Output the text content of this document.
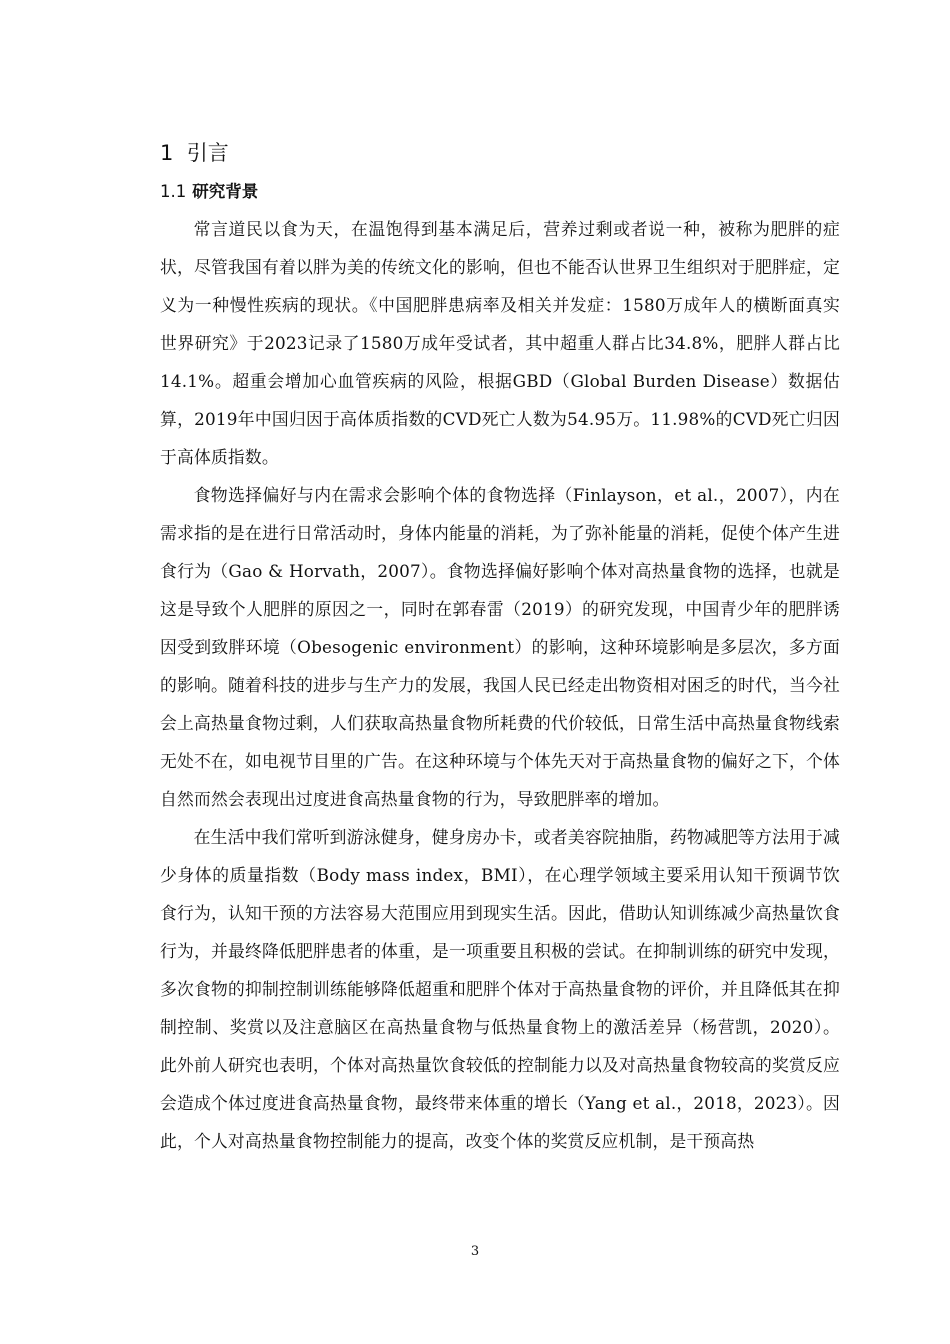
1 引言
1.1 研究背景

常言道民以食为天，在温饱得到基本满足后，营养过剩或者说一种，被称为肥胖的症状，尽管我国有着以胖为美的传统文化的影响，但也不能否认世界卫生组织对于肥胖症，定义为一种慢性疾病的现状。《中国肥胖患病率及相关并发症：1580万成年人的横断面真实世界研究》于2023记录了1580万成年受试者，其中超重人群占比34.8%，肥胖人群占比14.1%。超重会增加心血管疾病的风险，根据GBD（Global Burden Disease）数据估算，2019年中国归因于高体质指数的CVD死亡人数为54.95万。11.98%的CVD死亡归因于高体质指数。

食物选择偏好与内在需求会影响个体的食物选择（Finlayson，et al.，2007），内在需求指的是在进行日常活动时，身体内能量的消耗，为了弥补能量的消耗，促使个体产生进食行为（Gao & Horvath，2007）。食物选择偏好影响个体对高热量食物的选择，也就是这是导致个人肥胖的原因之一，同时在郭春雷（2019）的研究发现，中国青少年的肥胖诱因受到致胖环境（Obesogenic environment）的影响，这种环境影响是多层次，多方面的影响。随着科技的进步与生产力的发展，我国人民已经走出物资相对困乏的时代，当今社会上高热量食物过剩，人们获取高热量食物所耗费的代价较低，日常生活中高热量食物线索无处不在，如电视节目里的广告。在这种环境与个体先天对于高热量食物的偏好之下，个体自然而然会表现出过度进食高热量食物的行为，导致肥胖率的增加。

在生活中我们常听到游泳健身，健身房办卡，或者美容院抽脂，药物减肥等方法用于减少身体的质量指数（Body mass index，BMI），在心理学领域主要采用认知干预调节饮食行为，认知干预的方法容易大范围应用到现实生活。因此，借助认知训练减少高热量饮食行为，并最终降低肥胖患者的体重，是一项重要且积极的尝试。在抑制训练的研究中发现，多次食物的抑制控制训练能够降低超重和肥胖个体对于高热量食物的评价，并且降低其在抑制控制、奖赏以及注意脑区在高热量食物与低热量食物上的激活差异（杨营凯，2020）。此外前人研究也表明，个体对高热量饮食较低的控制能力以及对高热量食物较高的奖赏反应会造成个体过度进食高热量食物，最终带来体重的增长（Yang et al.，2018，2023）。因此，个人对高热量食物控制能力的提高，改变个体的奖赏反应机制，是干预高热

3
